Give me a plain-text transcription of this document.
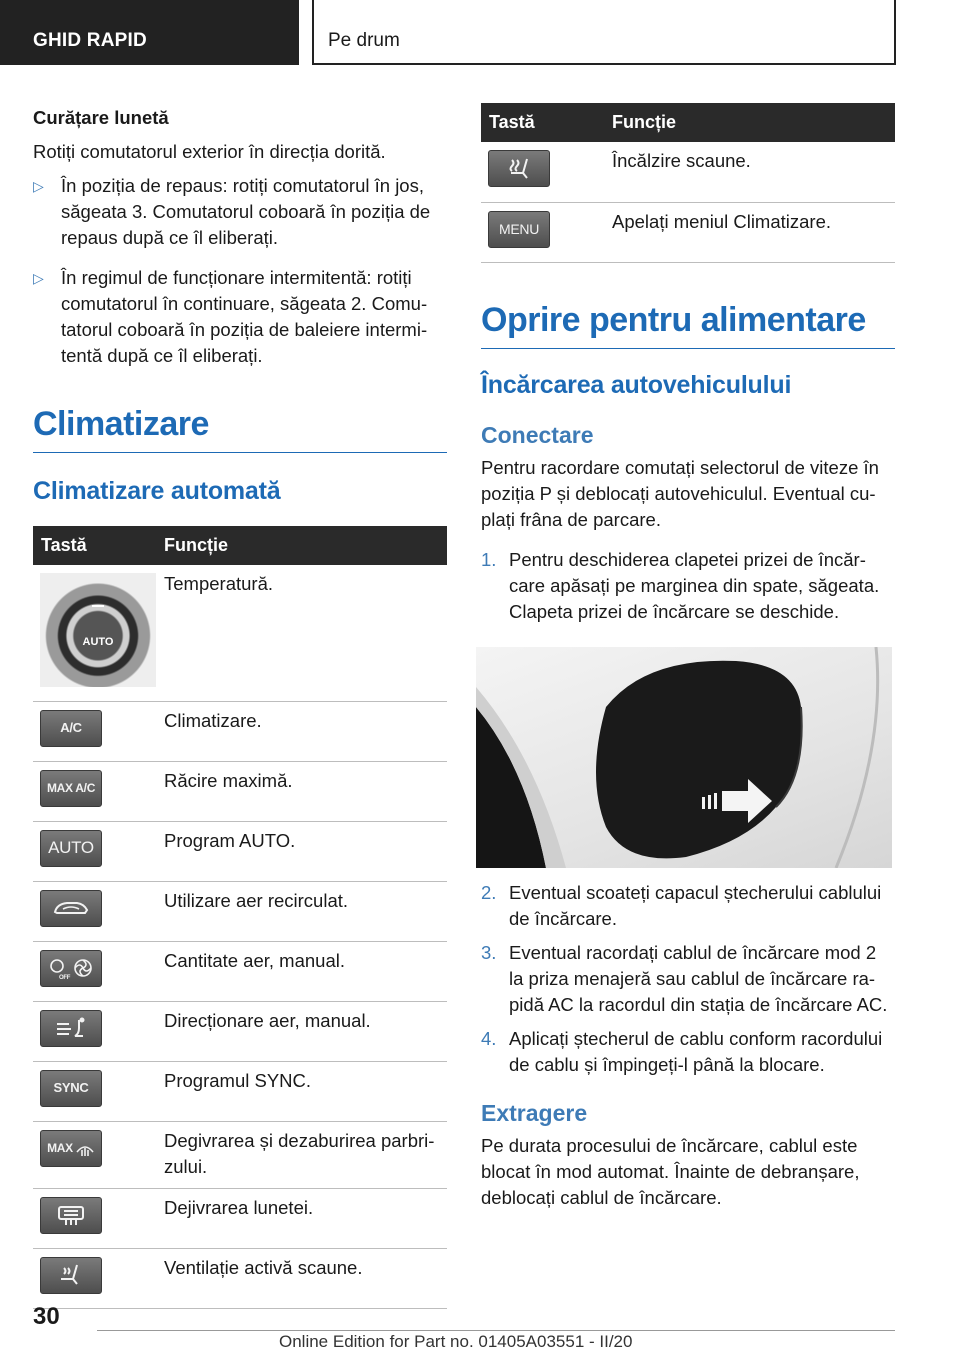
GHID RAPID	Pe drum
Curățare lunetă
Rotiți comutatorul exterior în direcția dorită.
▷ În poziția de repaus: rotiți comutatorul în jos, săgeata 3. Comutatorul coboară în poziția de repaus după ce îl eliberați.
▷ În regimul de funcționare intermitentă: rotiți comutatorul în continuare, săgeata 2. Comutatorul coboară în poziția de baleiere intermitentă după ce îl eliberați.
Climatizare
Climatizare automată
Tastă	Funcție

AUTO	Temperatură.

A/C	Climatizare.

MAX A/C	Răcire maximă.

AUTO	Program AUTO.

	Utilizare aer recirculat.

OFF	Cantitate aer, manual.

	Direcționare aer, manual.

SYNC	Programul SYNC.

MAX	Degivrarea și dezaburirea parbrizului.

	Dejivrarea lunetei.

	Ventilație activă scaune.
Tastă	Funcție

	Încălzire scaune.

MENU	Apelați meniul Climatizare.
Oprire pentru alimentare
Încărcarea autovehiculului
Conectare
Pentru racordare comutați selectorul de viteze în poziția P și deblocați autovehiculul. Eventual cuplați frâna de parcare.
1. Pentru deschiderea clapetei prizei de încărcare apăsați pe marginea din spate, săgeata. Clapeta prizei de încărcare se deschide.
2. Eventual scoateți capacul ștecherului cablului de încărcare.
3. Eventual racordați cablul de încărcare mod 2 la priza menajeră sau cablul de încărcare rapidă AC la racordul din stația de încărcare AC.
4. Aplicați ștecherul de cablu conform racordului de cablu și împingeți-l până la blocare.
Extragere
Pe durata procesului de încărcare, cablul este blocat în mod automat. Înainte de debranșare, deblocați cablul de încărcare.
30
Online Edition for Part no. 01405A03551 - II/20
